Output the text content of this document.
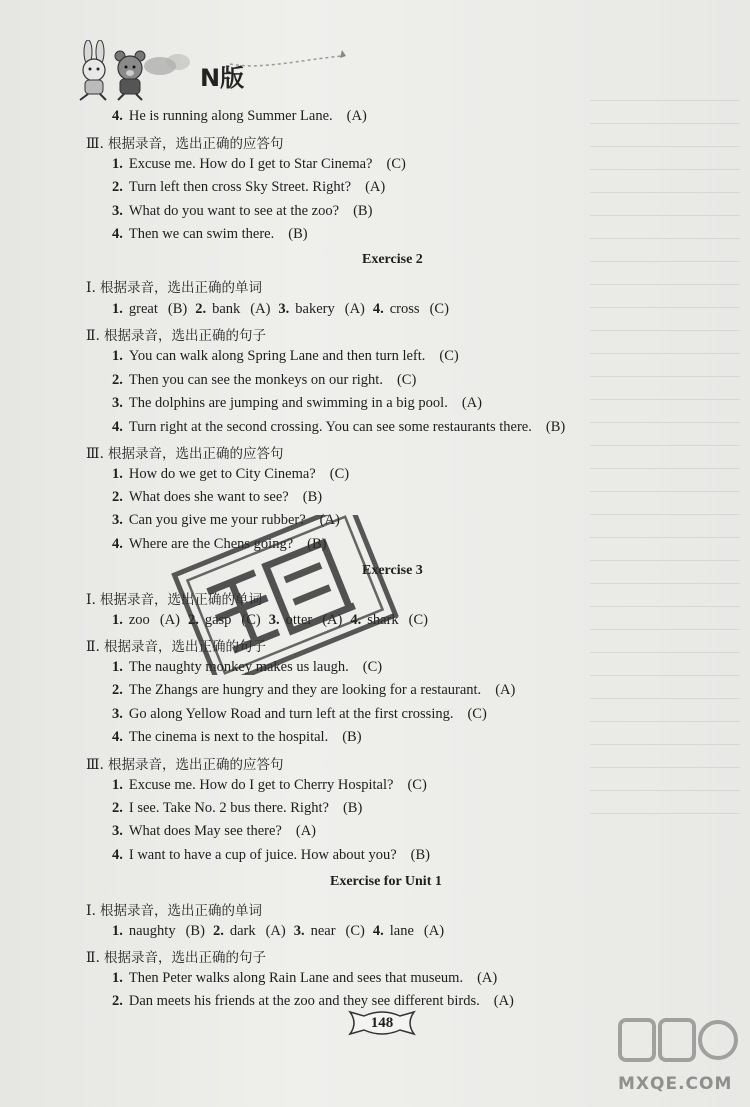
N版
4. He is running along Summer Lane. (A)
Ⅲ. 根据录音，选出正确的应答句
1. Excuse me. How do I get to Star Cinema? (C)
2. Turn left then cross Sky Street. Right? (A)
3. What do you want to see at the zoo? (B)
4. Then we can swim there. (B)
Exercise 2
Ⅰ. 根据录音，选出正确的单词
1. great (B) 2. bank (A) 3. bakery (A) 4. cross (C)
Ⅱ. 根据录音，选出正确的句子
1. You can walk along Spring Lane and then turn left. (C)
2. Then you can see the monkeys on our right. (C)
3. The dolphins are jumping and swimming in a big pool. (A)
4. Turn right at the second crossing. You can see some restaurants there. (B)
Ⅲ. 根据录音，选出正确的应答句
1. How do we get to City Cinema? (C)
2. What does she want to see? (B)
3. Can you give me your rubber? (A)
4. Where are the Chens going? (B)
Exercise 3
Ⅰ. 根据录音，选出正确的单词
1. zoo (A) 2. gasp (C) 3. otter (A) 4. shark (C)
Ⅱ. 根据录音，选出正确的句子
1. The naughty monkey makes us laugh. (C)
2. The Zhangs are hungry and they are looking for a restaurant. (A)
3. Go along Yellow Road and turn left at the first crossing. (C)
4. The cinema is next to the hospital. (B)
Ⅲ. 根据录音，选出正确的应答句
1. Excuse me. How do I get to Cherry Hospital? (C)
2. I see. Take No. 2 bus there. Right? (B)
3. What does May see there? (A)
4. I want to have a cup of juice. How about you? (B)
Exercise for Unit 1
Ⅰ. 根据录音，选出正确的单词
1. naughty (B) 2. dark (A) 3. near (C) 4. lane (A)
Ⅱ. 根据录音，选出正确的句子
1. Then Peter walks along Rain Lane and sees that museum. (A)
2. Dan meets his friends at the zoo and they see different birds. (A)
148
MXQE.COM
